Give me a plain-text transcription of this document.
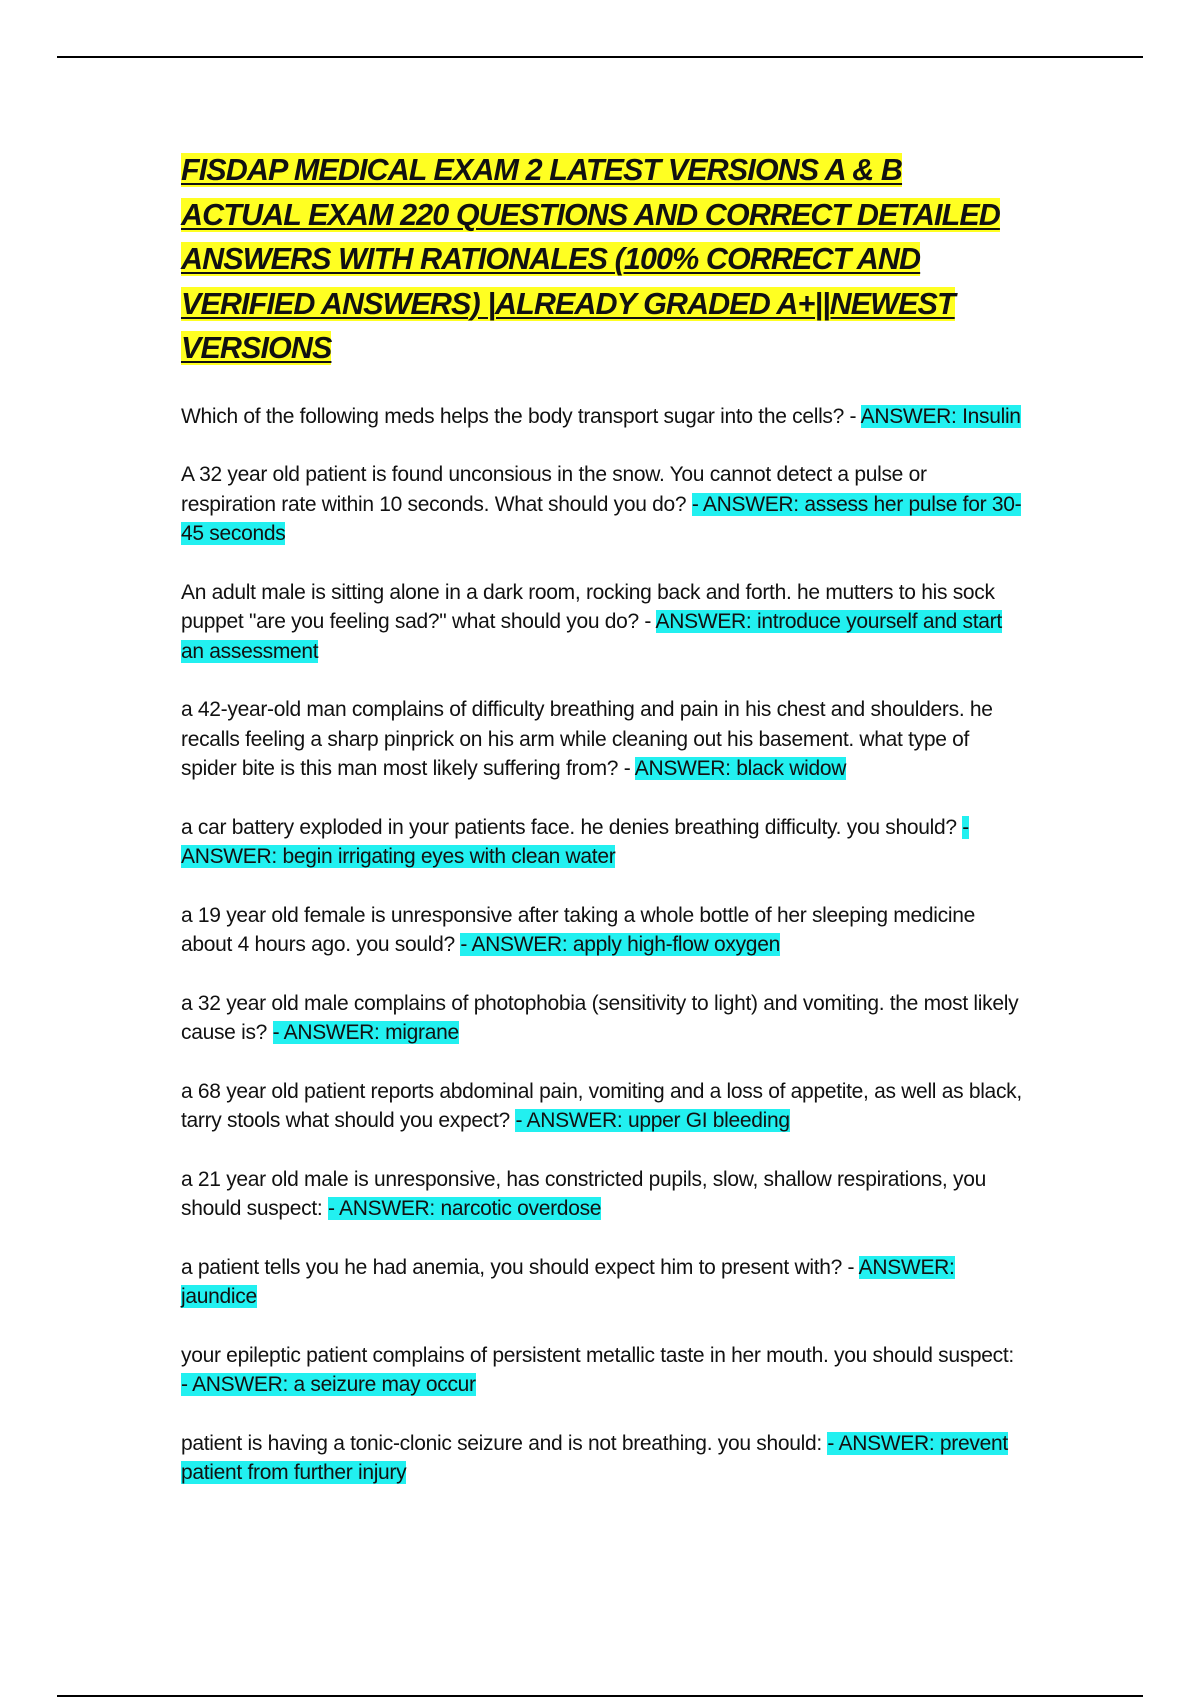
FISDAP MEDICAL EXAM 2 LATEST VERSIONS A & B ACTUAL EXAM 220 QUESTIONS AND CORRECT DETAILED ANSWERS WITH RATIONALES (100% CORRECT AND VERIFIED ANSWERS) |ALREADY GRADED A+||NEWEST VERSIONS

Which of the following meds helps the body transport sugar into the cells? - ANSWER: Insulin

A 32 year old patient is found unconsious in the snow. You cannot detect a pulse or respiration rate within 10 seconds. What should you do? - ANSWER: assess her pulse for 30-45 seconds

An adult male is sitting alone in a dark room, rocking back and forth. he mutters to his sock puppet "are you feeling sad?" what should you do? - ANSWER: introduce yourself and start an assessment

a 42-year-old man complains of difficulty breathing and pain in his chest and shoulders. he recalls feeling a sharp pinprick on his arm while cleaning out his basement. what type of spider bite is this man most likely suffering from? - ANSWER: black widow

a car battery exploded in your patients face. he denies breathing difficulty. you should? - ANSWER: begin irrigating eyes with clean water

a 19 year old female is unresponsive after taking a whole bottle of her sleeping medicine about 4 hours ago. you sould? - ANSWER: apply high-flow oxygen

a 32 year old male complains of photophobia (sensitivity to light) and vomiting. the most likely cause is? - ANSWER: migrane

a 68 year old patient reports abdominal pain, vomiting and a loss of appetite, as well as black, tarry stools what should you expect? - ANSWER: upper GI bleeding

a 21 year old male is unresponsive, has constricted pupils, slow, shallow respirations, you should suspect: - ANSWER: narcotic overdose

a patient tells you he had anemia, you should expect him to present with? - ANSWER: jaundice

your epileptic patient complains of persistent metallic taste in her mouth. you should suspect: - ANSWER: a seizure may occur

patient is having a tonic-clonic seizure and is not breathing. you should: - ANSWER: prevent patient from further injury
